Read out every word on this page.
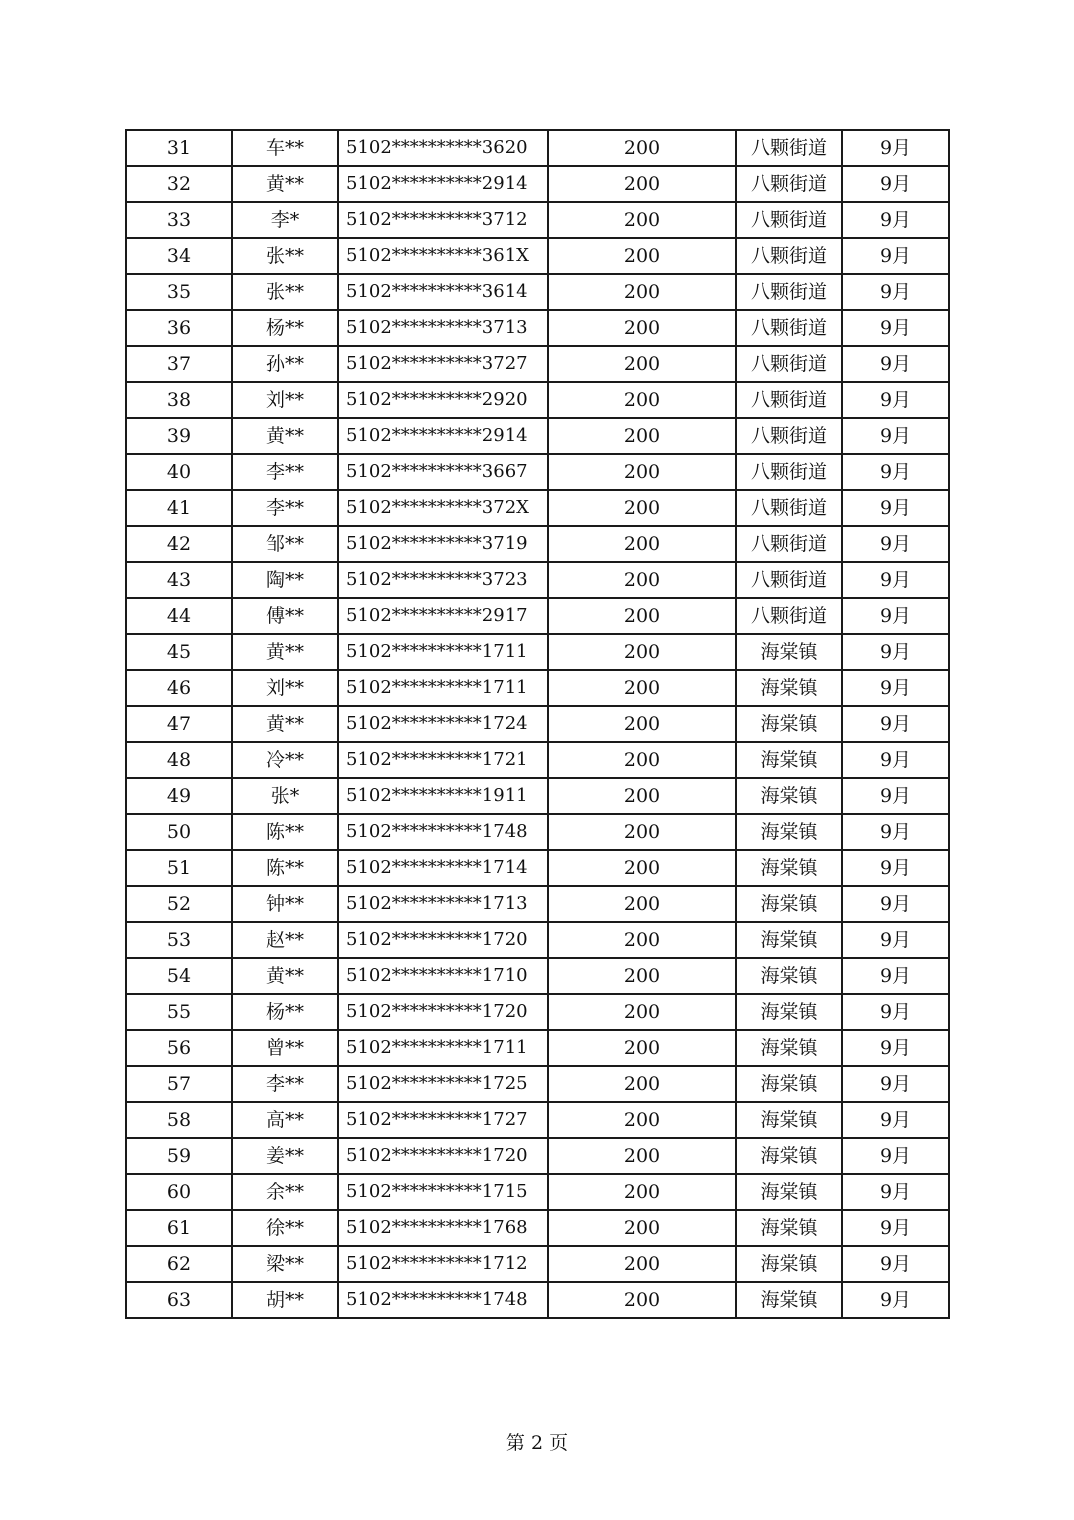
31	车**	5102**********3620	200	八颗街道	9月
32	黄**	5102**********2914	200	八颗街道	9月
33	李*	5102**********3712	200	八颗街道	9月
34	张**	5102**********361X	200	八颗街道	9月
35	张**	5102**********3614	200	八颗街道	9月
36	杨**	5102**********3713	200	八颗街道	9月
37	孙**	5102**********3727	200	八颗街道	9月
38	刘**	5102**********2920	200	八颗街道	9月
39	黄**	5102**********2914	200	八颗街道	9月
40	李**	5102**********3667	200	八颗街道	9月
41	李**	5102**********372X	200	八颗街道	9月
42	邹**	5102**********3719	200	八颗街道	9月
43	陶**	5102**********3723	200	八颗街道	9月
44	傅**	5102**********2917	200	八颗街道	9月
45	黄**	5102**********1711	200	海棠镇	9月
46	刘**	5102**********1711	200	海棠镇	9月
47	黄**	5102**********1724	200	海棠镇	9月
48	冷**	5102**********1721	200	海棠镇	9月
49	张*	5102**********1911	200	海棠镇	9月
50	陈**	5102**********1748	200	海棠镇	9月
51	陈**	5102**********1714	200	海棠镇	9月
52	钟**	5102**********1713	200	海棠镇	9月
53	赵**	5102**********1720	200	海棠镇	9月
54	黄**	5102**********1710	200	海棠镇	9月
55	杨**	5102**********1720	200	海棠镇	9月
56	曾**	5102**********1711	200	海棠镇	9月
57	李**	5102**********1725	200	海棠镇	9月
58	高**	5102**********1727	200	海棠镇	9月
59	姜**	5102**********1720	200	海棠镇	9月
60	余**	5102**********1715	200	海棠镇	9月
61	徐**	5102**********1768	200	海棠镇	9月
62	梁**	5102**********1712	200	海棠镇	9月
63	胡**	5102**********1748	200	海棠镇	9月
第 2 页
